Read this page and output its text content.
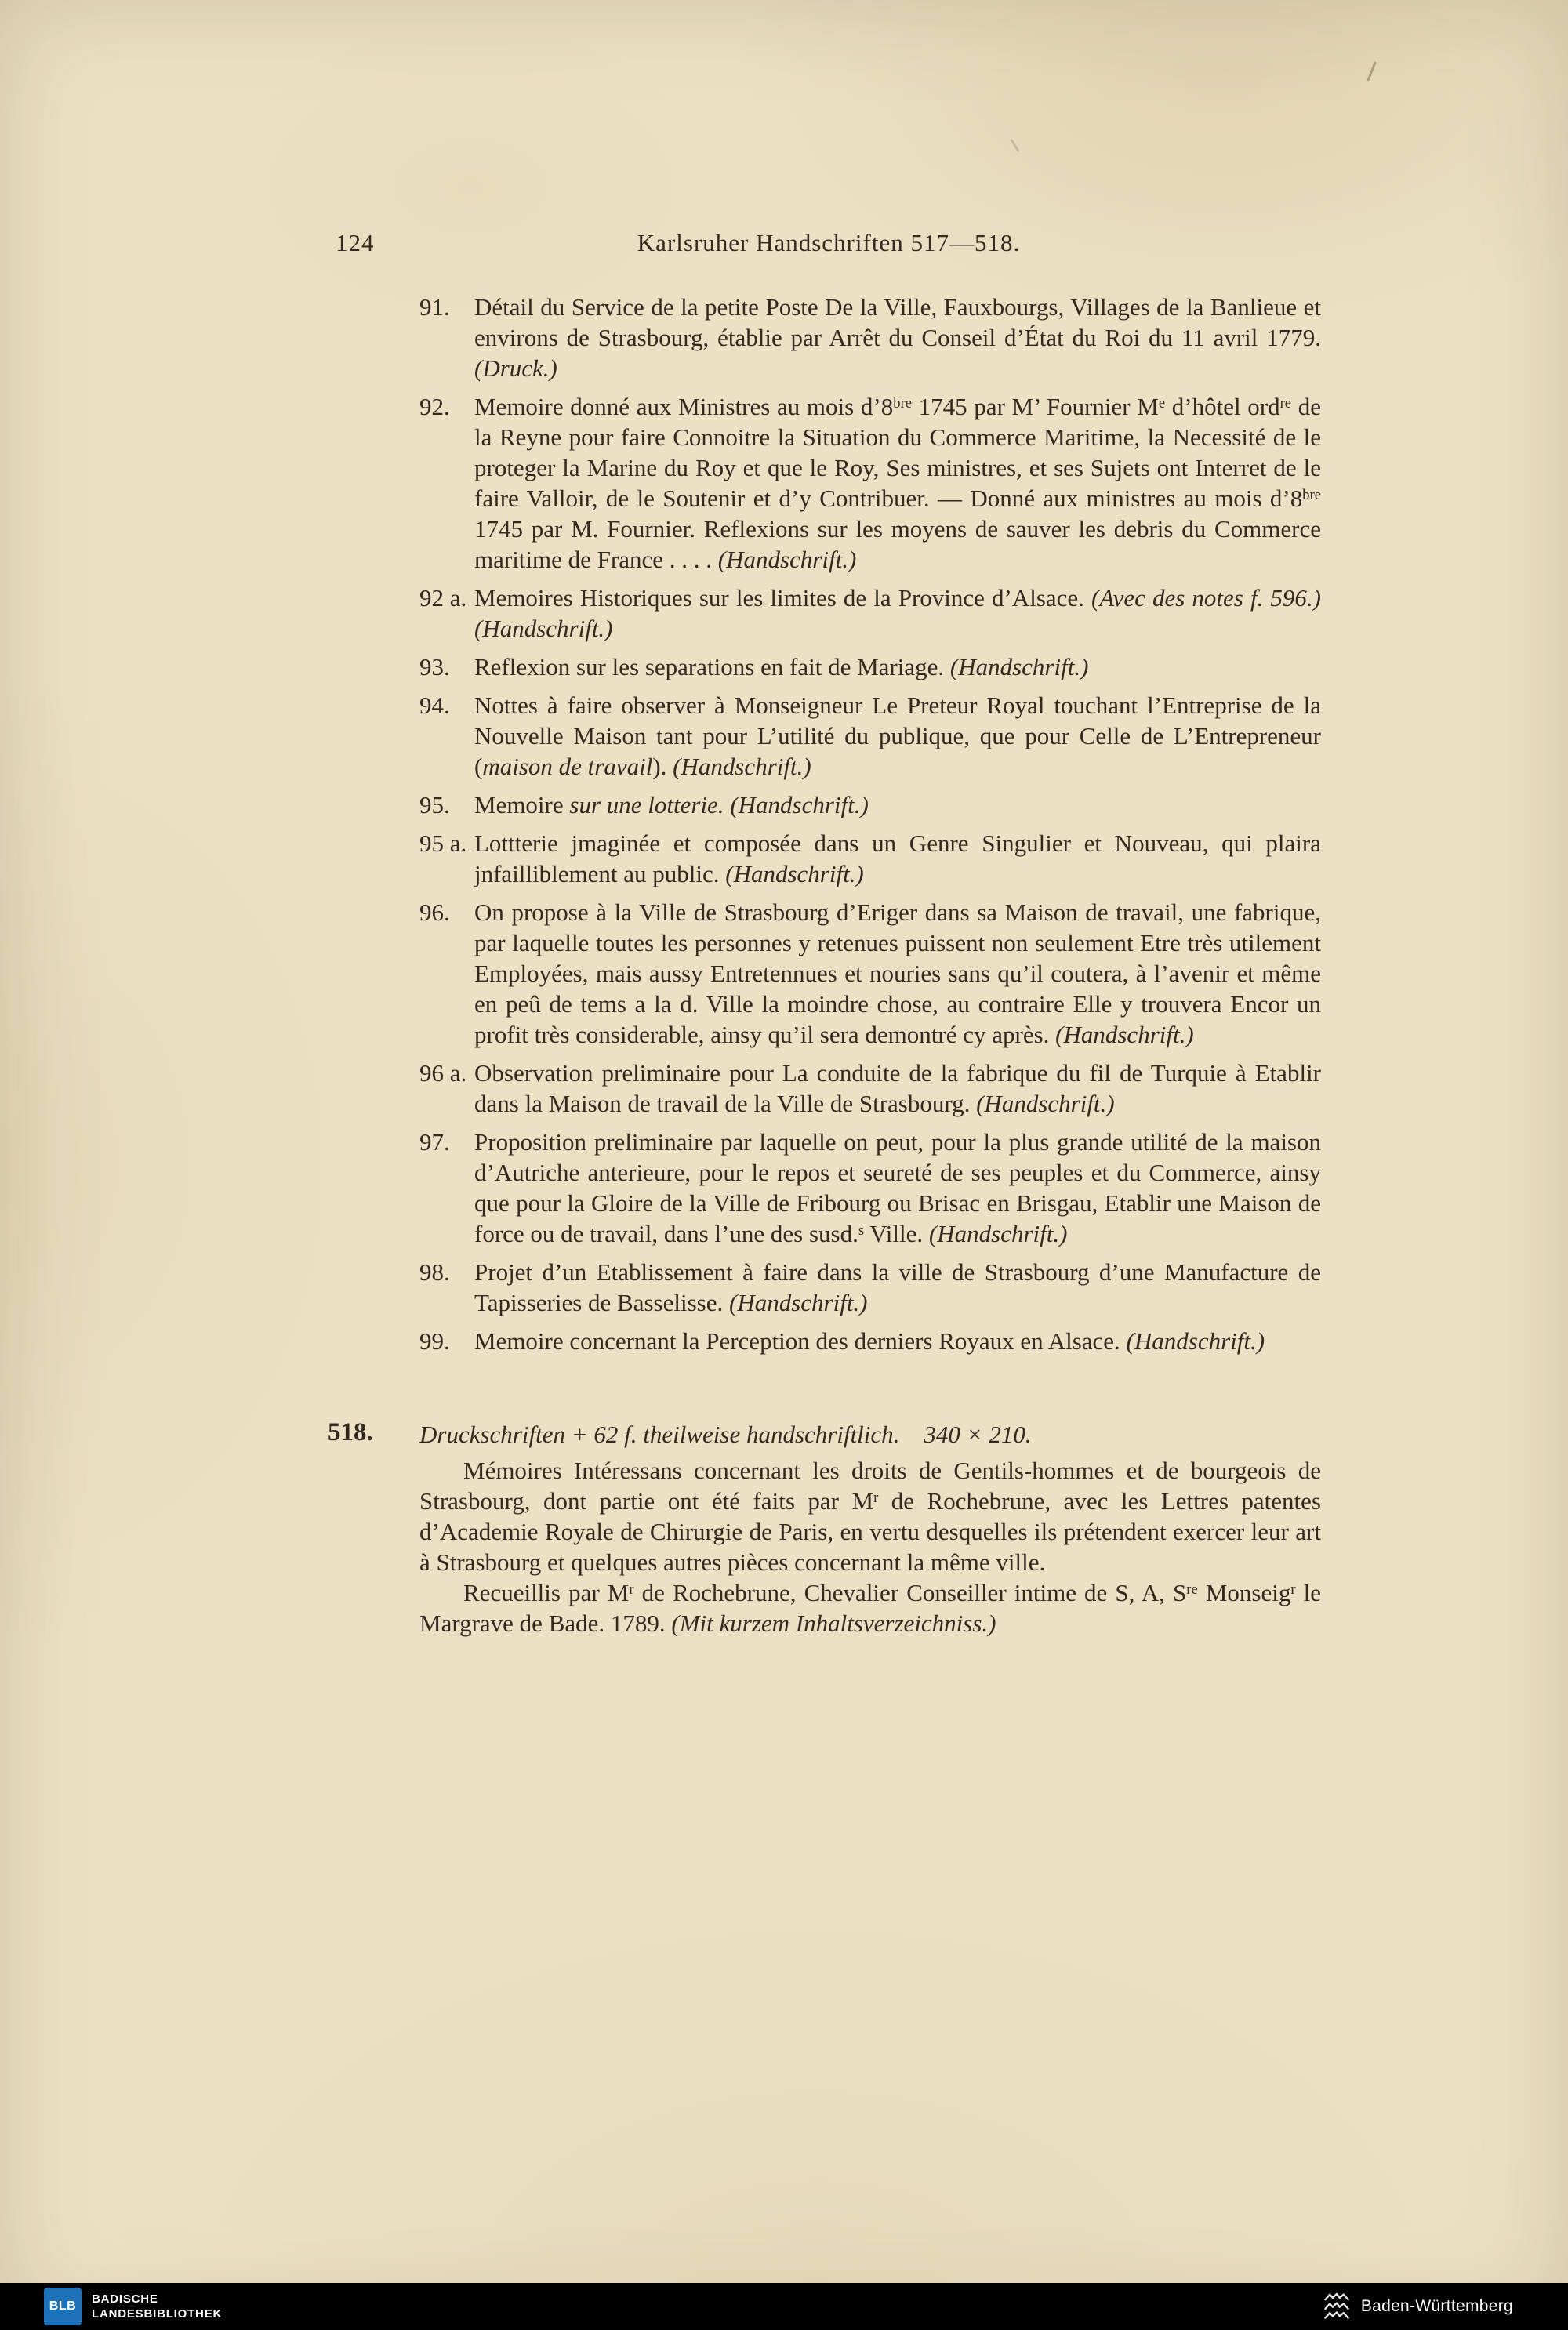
124	Karlsruher Handschriften 517—518.
91.	Détail du Service de la petite Poste De la Ville, Fauxbourgs, Villages de la Banlieue et environs de Strasbourg, établie par Arrêt du Conseil d’État du Roi du 11 avril 1779. (Druck.)
92.	Memoire donné aux Ministres au mois $d’8^{bre}$ 1745 par M’ Fournier Me d’hôtel ord$^{re}$ de la Reyne pour faire Connoitre la Situation du Commerce Maritime, la Necessité de le proteger la Marine du Roy et que le Roy, Ses ministres, et ses Sujets ont Interret de le faire Valloir, de le Soutenir et d’y Contribuer. — Donné aux ministres au mois $d’8^{bre}$ 1745 par M. Fournier. Reflexions sur les moyens de sauver les debris du Commerce maritime de France . . . . (Handschrift.)
92 a. Memoires Historiques sur les limites de la Province d’Alsace. (Avec des notes f. 596.) (Handschrift.)
93.	Reflexion sur les separations en fait de Mariage. (Handschrift.)
94.	Nottes à faire observer à Monseigneur Le Preteur Royal touchant l’Entreprise de la Nouvelle Maison tant pour L’utilité du publique, que pour Celle de L’Entrepreneur (maison de travail). (Handschrift.)
95.	Memoire sur une lotterie. (Handschrift.)
95 a. Lottterie jmaginée et composée dans un Genre Singulier et Nouveau, qui plaira jnfailliblement au public. (Handschrift.)
96.	On propose à la Ville de Strasbourg d’Eriger dans sa Maison de travail, une fabrique, par laquelle toutes les personnes y retenues puissent non seulement Etre très utilement Employées, mais aussy Entretennues et nouries sans qu’il coutera, à l’avenir et même en peû de tems a la d. Ville la moindre chose, au contraire Elle y trouvera Encor un profit très considerable, ainsy qu’il sera demontré cy après. (Handschrift.)
96 a. Observation preliminaire pour La conduite de la fabrique du fil de Turquie à Etablir dans la Maison de travail de la Ville de Strasbourg. (Handschrift.)
97.	Proposition preliminaire par laquelle on peut, pour la plus grande utilité de la maison d’Autriche anterieure, pour le repos et seureté de ses peuples et du Commerce, ainsy que pour la Gloire de la Ville de Fribourg ou Brisac en Brisgau, Etablir une Maison de force ou de travail, dans l’une des susd.$^s$ Ville. (Handschrift.)
98.	Projet d’un Etablissement à faire dans la ville de Strasbourg d’une Manufacture de Tapisseries de Basselisse. (Handschrift.)
99.	Memoire concernant la Perception des derniers Royaux en Alsace. (Handschrift.)
518. Druckschriften + 62 f. theilweise handschriftlich. 340 × 210.

Mémoires Intéressans concernant les droits de Gentils-hommes et de bourgeois de Strasbourg, dont partie ont été faits par $M^r$ de Rochebrune, avec les Lettres patentes d’Academie Royale de Chirurgie de Paris, en vertu desquelles ils prétendent exercer leur art à Strasbourg et quelques autres pièces concernant la même ville.

Recueillis par $M^r$ de Rochebrune, Chevalier Conseiller intime de S, A, $S^{re}$ Monseig$^r$ le Margrave de Bade. 1789. (Mit kurzem Inhaltsverzeichniss.)

BLB
BADISCHE
LANDESBIBLIOTHEK	Baden-Württemberg
